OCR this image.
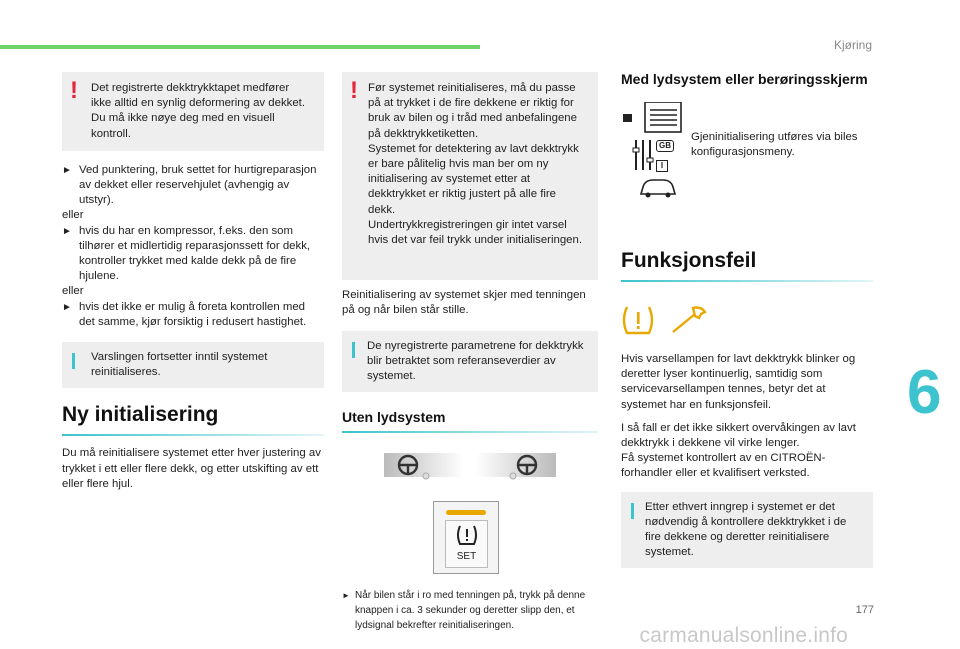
Kjøring
6
177
carmanualsonline.info
! Det registrerte dekktrykktapet medfører ikke alltid en synlig deformering av dekket. Du må ikke nøye deg med en visuell kontroll.

► Ved punktering, bruk settet for hurtigreparasjon av dekket eller reservehjulet (avhengig av utstyr).

eller

► hvis du har en kompressor, f.eks. den som tilhører et midlertidig reparasjonssett for dekk, kontroller trykket med kalde dekk på de fire hjulene.

eller

► hvis det ikke er mulig å foreta kontrollen med det samme, kjør forsiktig i redusert hastighet.

Varslingen fortsetter inntil systemet reinitialiseres.

Ny initialisering

Du må reinitialisere systemet etter hver justering av trykket i ett eller flere dekk, og etter utskifting av ett eller flere hjul.

! Før systemet reinitialiseres, må du passe på at trykket i de fire dekkene er riktig for bruk av bilen og i tråd med anbefalingene på dekktrykketiketten.

Systemet for detektering av lavt dekktrykk er bare pålitelig hvis man ber om ny initialisering av systemet etter at dekktrykket er riktig justert på alle fire dekk.

Undertrykkregistreringen gir intet varsel hvis det var feil trykk under initialiseringen.

Reinitialisering av systemet skjer med tenningen på og når bilen står stille.

De nyregistrerte parametrene for dekktrykk blir betraktet som referanseverdier av systemet.

Uten lydsystem
SET
► Når bilen står i ro med tenningen på, trykk på denne knappen i ca. 3 sekunder og deretter slipp den, et lydsignal bekrefter reinitialiseringen.

Med lydsystem eller berøringsskjerm
GB
I

Gjeninitialisering utføres via biles konfigurasjonsmeny.

Funksjonsfeil

Hvis varsellampen for lavt dekktrykk blinker og deretter lyser kontinuerlig, samtidig som servicevarsellampen tennes, betyr det at systemet har en funksjonsfeil.

I så fall er det ikke sikkert overvåkingen av lavt dekktrykk i dekkene vil virke lenger.

Få systemet kontrollert av en CITROËN-forhandler eller et kvalifisert verksted.

Etter ethvert inngrep i systemet er det nødvendig å kontrollere dekktrykket i de fire dekkene og deretter reinitialisere systemet.
